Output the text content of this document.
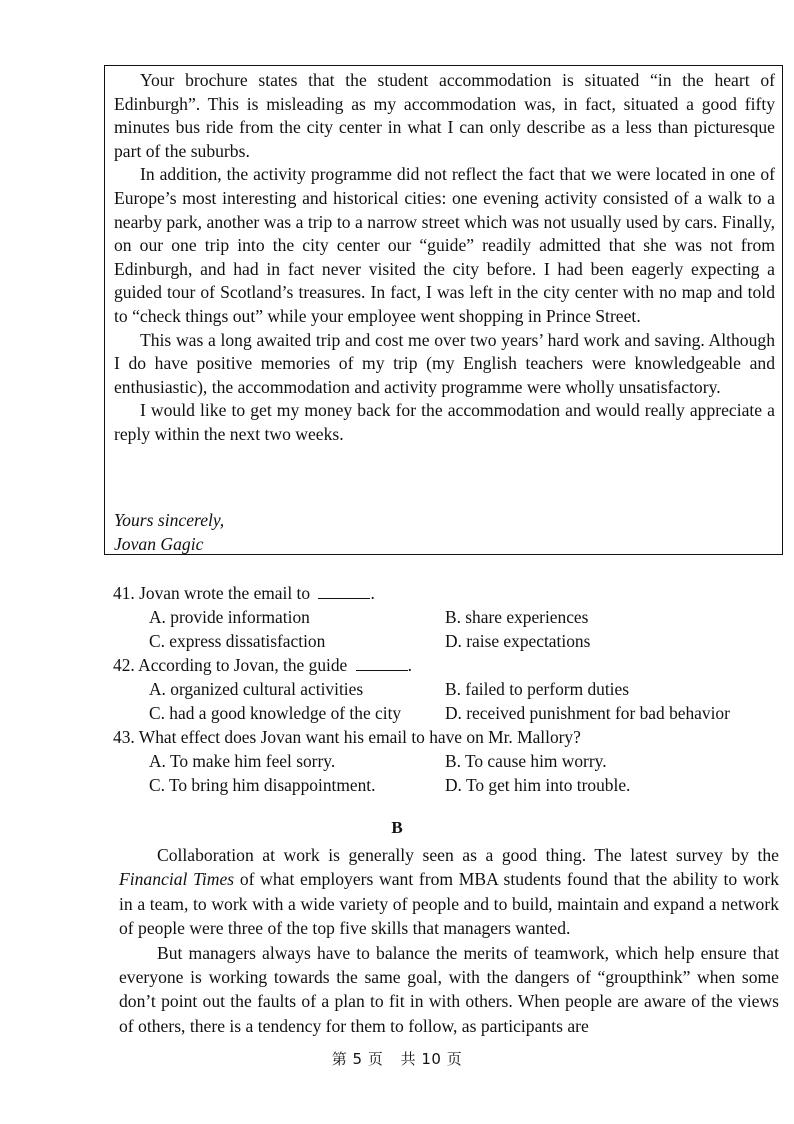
Your brochure states that the student accommodation is situated “in the heart of Edinburgh”. This is misleading as my accommodation was, in fact, situated a good fifty minutes bus ride from the city center in what I can only describe as a less than picturesque part of the suburbs.

In addition, the activity programme did not reflect the fact that we were located in one of Europe’s most interesting and historical cities: one evening activity consisted of a walk to a nearby park, another was a trip to a narrow street which was not usually used by cars. Finally, on our one trip into the city center our “guide” readily admitted that she was not from Edinburgh, and had in fact never visited the city before. I had been eagerly expecting a guided tour of Scotland’s treasures. In fact, I was left in the city center with no map and told to “check things out” while your employee went shopping in Prince Street.

This was a long awaited trip and cost me over two years’ hard work and saving. Although I do have positive memories of my trip (my English teachers were knowledgeable and enthusiastic), the accommodation and activity programme were wholly unsatisfactory.

I would like to get my money back for the accommodation and would really appreciate a reply within the next two weeks.

Yours sincerely,
Jovan Gagic
41. Jovan wrote the email to	.
A. provide information	B. share experiences
C. express dissatisfaction	D. raise expectations
42. According to Jovan, the guide	.
A. organized cultural activities	B. failed to perform duties
C. had a good knowledge of the city	D. received punishment for bad behavior
43. What effect does Jovan want his email to have on Mr. Mallory?
A. To make him feel sorry.	B. To cause him worry.
C. To bring him disappointment.	D. To get him into trouble.
B

Collaboration at work is generally seen as a good thing. The latest survey by the Financial Times of what employers want from MBA students found that the ability to work in a team, to work with a wide variety of people and to build, maintain and expand a network of people were three of the top five skills that managers wanted.

But managers always have to balance the merits of teamwork, which help ensure that everyone is working towards the same goal, with the dangers of “groupthink” when some don’t point out the faults of a plan to fit in with others. When people are aware of the views of others, there is a tendency for them to follow, as participants are

第 5 页 共 10 页
